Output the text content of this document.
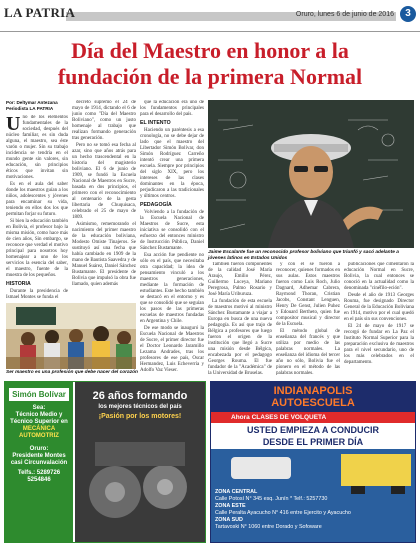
LA PATRIA	Oruro, lunes 6 de junio de 2016	3
Día del Maestro en honor a la
fundación de la primera Normal
Por: Deltymar Antezana
Periodista LA PATRIA

Uno de los elementos fundamentales de la sociedad, después del núcleo familiar, es sin duda alguna, el maestro, sea éste varón o mujer. Sin su trabajo incidencia se tendría en el mundo gente sin valores, sin educación, sin principios éticos que invitan sin motivaciones.

Es en el aula del saber donde los maestros guían a los niños, adolescentes y jóvenes para encaminar su vida, teniendo en ellos dos los que permitan forjar su futuro.

Si bien la educación también en Bolivia, el profesor bajo la misma misión, como hace más de cien años, Sin embargo, se reconoce que verdad el motivo principal para nosotros hoy homenajear a uno de los servicios la esencia del saber, el maestro, fuente de la muestra de los pequeños.

HISTORIA

Durante la presidencia de Ismael Montes se funda el

decreto supremo el 24 de mayo de 1914, dictando el 6 de junio como "Día del Maestro Boliviano", como un justo homenaje al trabajo que realizan formando generación tras generación.

Pero no se tomó esa fecha al azar, sino que años atrás para un hecho trascendental en la historia del magisterio boliviano. El 6 de junio de 1909, se fundó la Escuela Nacional de Maestros en Sucre, basada en dos principios, el primero con el reconocimiento al centenario de la gesta libertaria de Chuquisaca, celebrado el 25 de mayo de 1809.

Asimismo, rememorando el nacimiento del primer maestro de la educación boliviana, Modesto Omiste Tinajeros. Se sustituyó así una fecha que había cambiado en 1909 de la mano de Bautista Saavedra y de Manuel Suárez, Daniel Sánchez Bustamante. El presidente de Bolivia que impulsó la obra fue llamado, quien además

que la educación era uno de los fundamentos principales para el desarrollo del país.

EL INTENTO

Haciendo un paréntesis a esa cronología, no se debe dejar de lado que el maestro del Libertador Simón Bolívar, don Simón Rodríguez Carreño intentó crear una primera escuela. Siempre por principios del siglo XIX, pero los intereses de las clases dominantes en la época, perjudicaron a las tradicionales y últimos centros.

PEDAGOGÍA

Volviendo a la fundación de la Escuela Nacional de Maestros de Sucre, esta iniciativa se consolidó con el esfuerzo del entonces ministro de Instrucción Pública, Daniel Sánchez Bustamante.

Esa acción fue pendiente no sólo en el país, que necesitaba otra capacidad; la idea de pensamiento vinculó a los maestros generaciones, mediante la formación de estudiantes. Este hecho también se destacó en el entorno y es que se consolidó que se seguían los pasos de las primeras escuelas de maestros fundadas en Argentina y Chile.

De ese modo se inauguró la Escuela Nacional de Maestros de Sucre, el primer director fue el Doctor Leonardo Jaramillo Lezama Andrades, tras los profesores de ese país, Oscar Hermandez, Luis Echeverría y Adolfo Vaz Vieser.

También fueron componentes de la calidad José María Araujo, Emilio Pérez, Guillermo Luceya, Mariano Peregrosa, Palmo Rosario y José María Uriburuza.

La fundación de esta escuela de maestros motivó al ministro Sánchez Bustamante a viajar a Europa en busca de una nueva pedagogía. Es así que trajo de Bélgica a profesores que luego fueron el origen de la institución que llegó a Sucre una misión desde Bélgica, encabezada por el pedagogo Georges Rouma. El fue fundador de la "Académica" de la Universidad de Bruselas.

y con él se fueron a reconocer, quienes formados en sus aulas. Estos maestros fueron como Luis Roch, Julio Dagnard, Adhemar Cabrera, Raymond Thoran, Cristian Jacobs, Constant Lenguen, Henry De Genst, Julien Puhez y Edouard Bertheto, quien fue compositor musical y director de la Escuela.

El método global de enseñanza del francés y que utiliza por medio de las palabras normales. La enseñanza del idioma del tercer año no sólo, Bolivia fue el pionero en el método de las palabras normales.

publicaciones que cimentaron la educación Normal en Sucre, Bolivia, la cual entonces se conoció en la actualidad como la denominada "cinéfilo-eción".

Desde el año de 1913 Georges Rouma, fue designado Director General de la Educación Boliviana en 1914, motivo por el cual quedó en el país sin sus convenciones.

El 24 de mayo de 1917 se recorgó de fundar en La Paz el Instituto Normal Superior para la preparación exclusiva de maestros para el nivel secundario, uno de los más celebrados en el departamento.

Ser maestro es una profesión que debe nacer del corazón
Jaime Escalante fue un reconocido profesor boliviano que triunfó y sacó adelante a jóvenes latinos en Estados Unidos
Simón Bolívar
Sea:
Técnico Medio y Técnico Superior en
MECÁNICA AUTOMOTRIZ
Oruro:
Presidente Montes casi Circunvalación
Telfs.: 5289726
5254846
26 años formando
los mejores técnicos del país
¡Pasión por los motores!
INDIANAPOLIS
AUTOESCUELA
Ahora CLASES DE VOLQUETA
USTED EMPIEZA A CONDUCIR
DESDE EL PRIMER DÍA
ZONA CENTRAL
Calle Potosí N° 345 esq. Junín * Telf.: 5257730
ZONA ESTE
Calle Peralta Ayacucho N° 416 entre Ejercito y Ayacucho
ZONA SUD
Tartavoski N° 1060 entre Dorado y Sofoware
